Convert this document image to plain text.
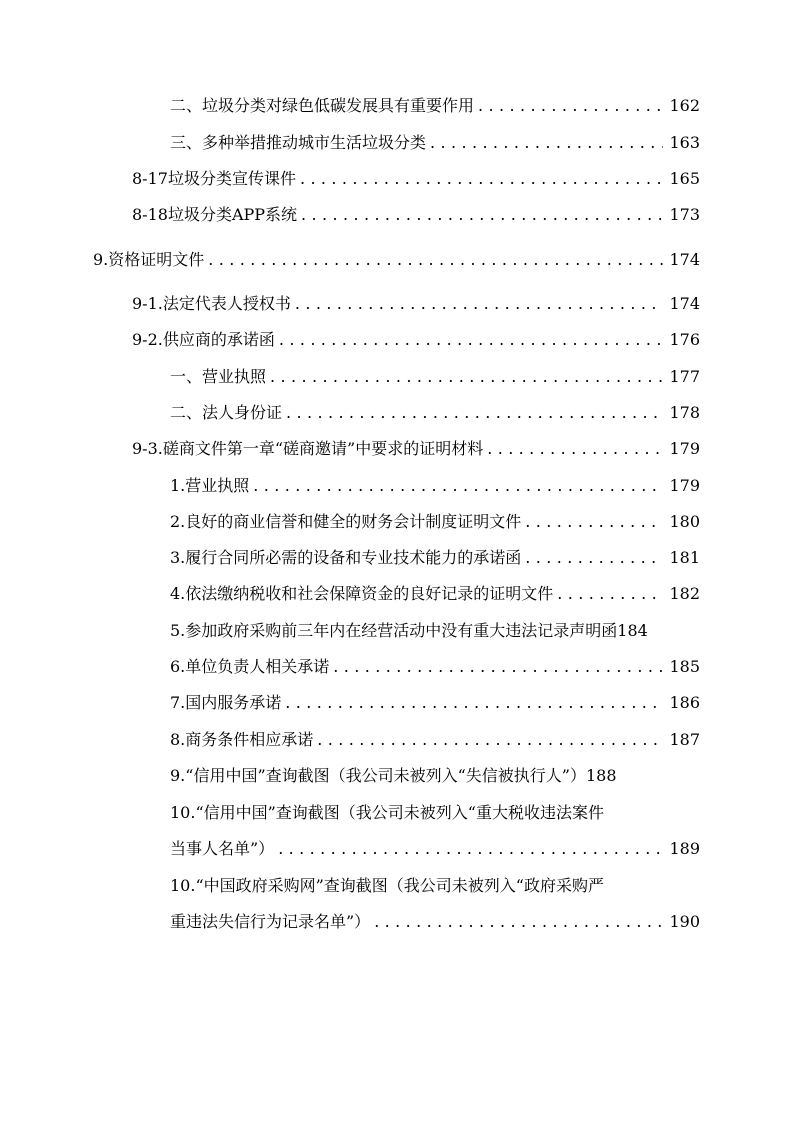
二、垃圾分类对绿色低碳发展具有重要作用 .....	162
三、多种举措推动城市生活垃圾分类 .....	163
8-17垃圾分类宣传课件 .....	165
8-18垃圾分类APP系统 .....	173
9.资格证明文件 .....	174
9-1.法定代表人授权书 .....	174
9-2.供应商的承诺函 .....	176
一、营业执照 .....	177
二、法人身份证 .....	178
9-3.磋商文件第一章“磋商邀请”中要求的证明材料 .....	179
1.营业执照 .....	179
2.良好的商业信誉和健全的财务会计制度证明文件 .....	180
3.履行合同所必需的设备和专业技术能力的承诺函 .....	181
4.依法缴纳税收和社会保障资金的良好记录的证明文件 .....	182
5.参加政府采购前三年内在经营活动中没有重大违法记录声明函 184
6.单位负责人相关承诺 .....	185
7.国内服务承诺 .....	186
8.商务条件相应承诺 .....	187
9.“信用中国”查询截图（我公司未被列入“失信被执行人”） 188
10.“信用中国”查询截图（我公司未被列入“重大税收违法案件
当事人名单”） .....	189
10.“中国政府采购网”查询截图（我公司未被列入“政府采购严
重违法失信行为记录名单”） .....	190
